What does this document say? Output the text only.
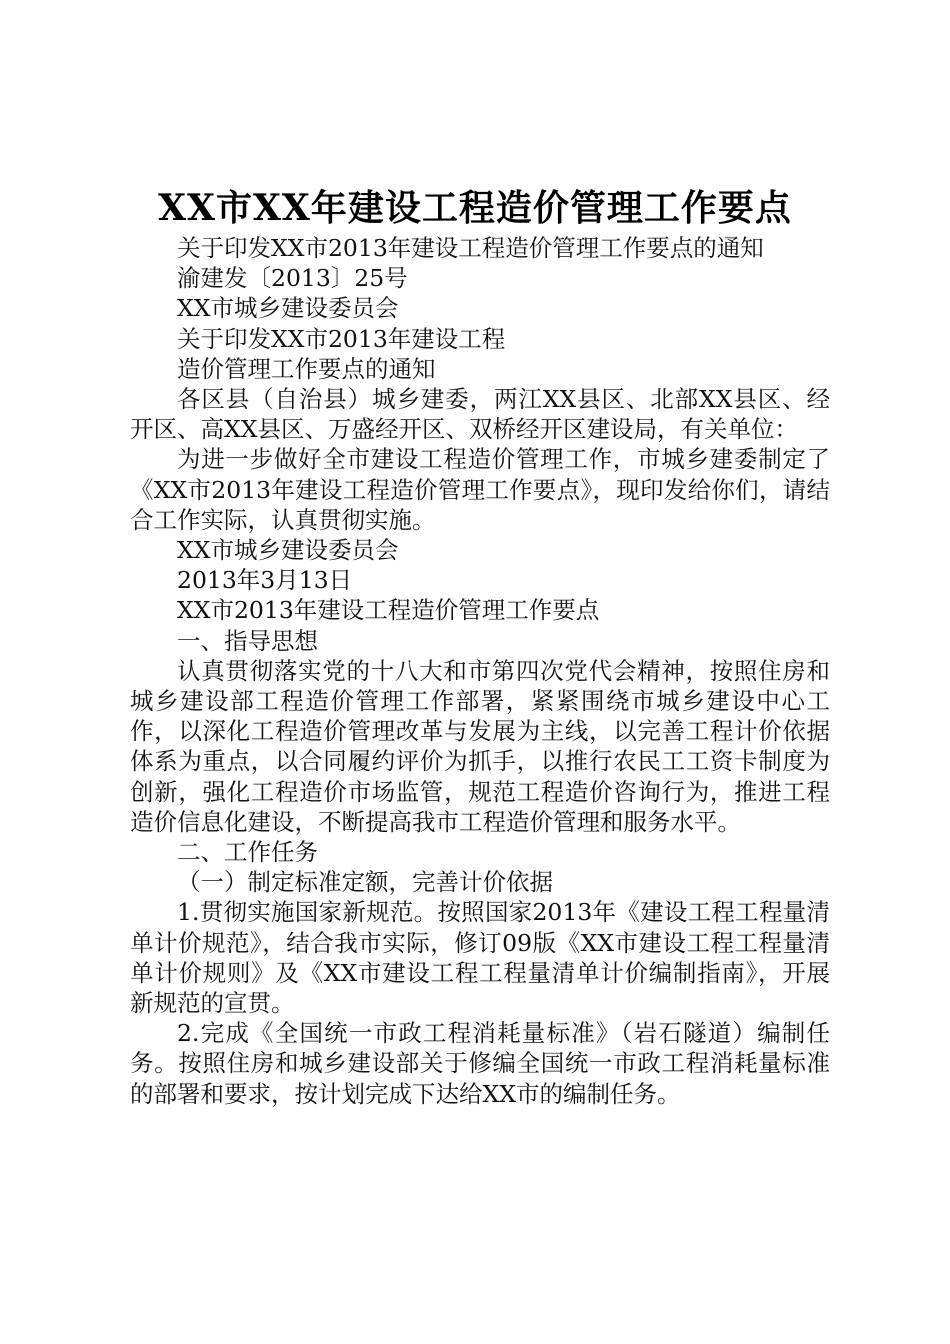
XX市XX年建设工程造价管理工作要点

关于印发XX市2013年建设工程造价管理工作要点的通知

渝建发〔2013〕25号

XX市城乡建设委员会

关于印发XX市2013年建设工程

造价管理工作要点的通知

各区县（自治县）城乡建委，两江XX县区、北部XX县区、经开区、高XX县区、万盛经开区、双桥经开区建设局，有关单位：

为进一步做好全市建设工程造价管理工作，市城乡建委制定了《XX市2013年建设工程造价管理工作要点》，现印发给你们，请结合工作实际，认真贯彻实施。

XX市城乡建设委员会

2013年3月13日

XX市2013年建设工程造价管理工作要点

一、指导思想

认真贯彻落实党的十八大和市第四次党代会精神，按照住房和城乡建设部工程造价管理工作部署，紧紧围绕市城乡建设中心工作，以深化工程造价管理改革与发展为主线，以完善工程计价依据体系为重点，以合同履约评价为抓手，以推行农民工工资卡制度为创新，强化工程造价市场监管，规范工程造价咨询行为，推进工程造价信息化建设，不断提高我市工程造价管理和服务水平。

二、工作任务

（一）制定标准定额，完善计价依据

1.贯彻实施国家新规范。按照国家2013年《建设工程工程量清单计价规范》，结合我市实际，修订09版《XX市建设工程工程量清单计价规则》及《XX市建设工程工程量清单计价编制指南》，开展新规范的宣贯。

2.完成《全国统一市政工程消耗量标准》（岩石隧道）编制任务。按照住房和城乡建设部关于修编全国统一市政工程消耗量标准的部署和要求，按计划完成下达给XX市的编制任务。
